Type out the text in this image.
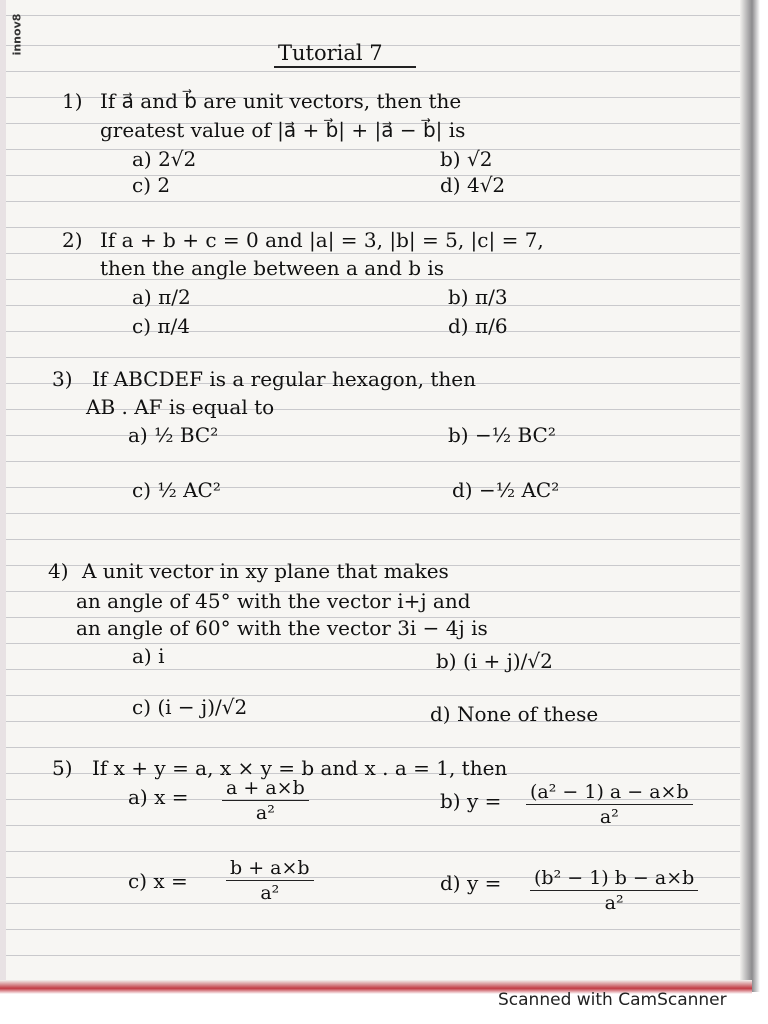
innov8	Tutorial 7
1) If a⃗ and b⃗ are unit vectors, then the
greatest value of |a⃗ + b⃗| + |a⃗ − b⃗| is
a) 2√2	b) √2
c) 2	d) 4√2
2) If a + b + c = 0 and |a| = 3, |b| = 5, |c| = 7,
then the angle between a and b is
a) π/2	b) π/3
c) π/4	d) π/6
3) If ABCDEF is a regular hexagon, then
AB . AF is equal to
a) ½ BC²	b) −½ BC²
c) ½ AC²	d) −½ AC²
4) A unit vector in xy plane that makes
an angle of 45° with the vector i+j and
an angle of 60° with the vector 3i − 4j is
a) i	b) (i + j)/√2
c) (i − j)/√2	d) None of these
5) If x + y = a, x × y = b and x . a = 1, then
a) $x = \frac{a + a\times b}{\text{a²}}$	b) $y = \frac{\text{(a² − 1) a − a×b}}{\text{a²}}$
c) $x = \frac{b + a\times b}{\text{a²}}$	d) $y = \frac{\text{(b² − 1) b − a×b}}{\text{a²}}$
Scanned with CamScanner
